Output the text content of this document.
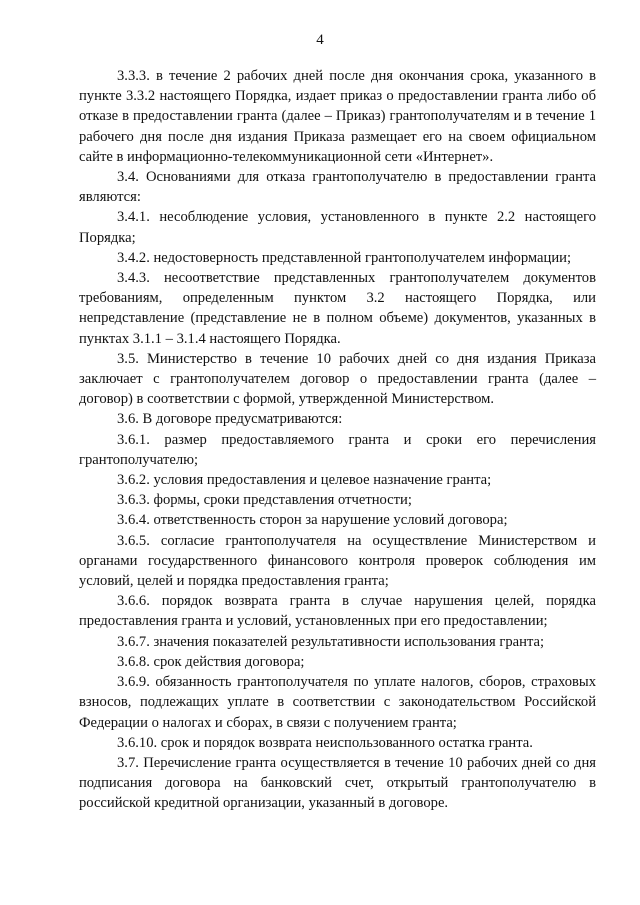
4

3.3.3. в течение 2 рабочих дней после дня окончания срока, указанного в пункте 3.3.2 настоящего Порядка, издает приказ о предоставлении гранта либо об отказе в предоставлении гранта (далее – Приказ) грантополучателям и в течение 1 рабочего дня после дня издания Приказа размещает его на своем официальном сайте в информационно-телекоммуникационной сети «Интернет».

3.4. Основаниями для отказа грантополучателю в предоставлении гранта являются:

3.4.1. несоблюдение условия, установленного в пункте 2.2 настоящего Порядка;

3.4.2. недостоверность представленной грантополучателем информации;

3.4.3. несоответствие представленных грантополучателем документов требованиям, определенным пунктом 3.2 настоящего Порядка, или непредставление (представление не в полном объеме) документов, указанных в пунктах 3.1.1 – 3.1.4 настоящего Порядка.

3.5. Министерство в течение 10 рабочих дней со дня издания Приказа заключает с грантополучателем договор о предоставлении гранта (далее – договор) в соответствии с формой, утвержденной Министерством.

3.6. В договоре предусматриваются:

3.6.1. размер предоставляемого гранта и сроки его перечисления грантополучателю;

3.6.2. условия предоставления и целевое назначение гранта;

3.6.3. формы, сроки представления отчетности;

3.6.4. ответственность сторон за нарушение условий договора;

3.6.5. согласие грантополучателя на осуществление Министерством и органами государственного финансового контроля проверок соблюдения им условий, целей и порядка предоставления гранта;

3.6.6. порядок возврата гранта в случае нарушения целей, порядка предоставления гранта и условий, установленных при его предоставлении;

3.6.7. значения показателей результативности использования гранта;

3.6.8. срок действия договора;

3.6.9. обязанность грантополучателя по уплате налогов, сборов, страховых взносов, подлежащих уплате в соответствии с законодательством Российской Федерации о налогах и сборах, в связи с получением гранта;

3.6.10. срок и порядок возврата неиспользованного остатка гранта.

3.7. Перечисление гранта осуществляется в течение 10 рабочих дней со дня подписания договора на банковский счет, открытый грантополучателю в российской кредитной организации, указанный в договоре.
